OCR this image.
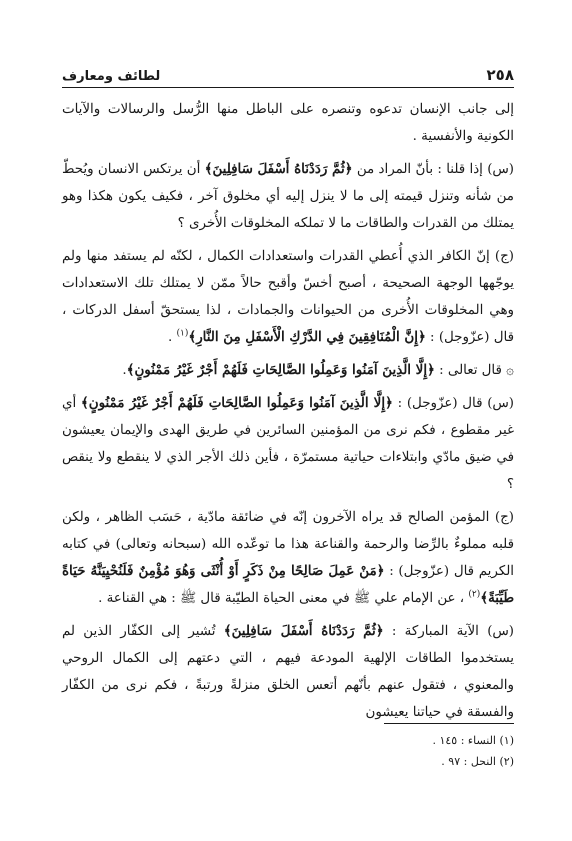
٢٥٨
لطائف ومعارف

إلى جانب الإنسان تدعوه وتنصره على الباطل منها الرُّسل والرسالات والآيات الكونية والأنفسية .

(س) إذا قلنا : بأنّ المراد من ﴿ثُمَّ رَدَدْنَاهُ أَسْفَلَ سَافِلِينَ﴾ أن يرتكس الانسان ويُحطّ من شأنه وتنزل قيمته إلى ما لا ينزل إليه أي مخلوق آخر ، فكيف يكون هكذا وهو يمتلك من القدرات والطاقات ما لا تملكه المخلوقات الأُخرى ؟

(ج) إنّ الكافر الذي أُعطي القدرات واستعدادات الكمال ، لكنّه لم يستفد منها ولم يوجّهها الوجهة الصحيحة ، أصبح أخسّ وأقبح حالاً ممّن لا يمتلك تلك الاستعدادات وهي المخلوقات الأُخرى من الحيوانات والجمادات ، لذا يستحقّ أسفل الدركات ، قال (عزّوجل) : ﴿إِنَّ الْمُنَافِقِينَ فِي الدَّرْكِ الْأَسْفَلِ مِنَ النَّارِ﴾$^{(١)}$ .

۞ قال تعالى : ﴿إِلَّا الَّذِينَ آمَنُوا وَعَمِلُوا الصَّالِحَاتِ فَلَهُمْ أَجْرٌ غَيْرُ مَمْنُونٍ﴾.

(س) قال (عزّوجل) : ﴿إِلَّا الَّذِينَ آمَنُوا وَعَمِلُوا الصَّالِحَاتِ فَلَهُمْ أَجْرٌ غَيْرُ مَمْنُونٍ﴾ أي غير مقطوع ، فكم نرى من المؤمنين السائرين في طريق الهدى والإيمان يعيشون في ضيق مادّي وابتلاءات حياتية مستمرّة ، فأين ذلك الأجر الذي لا ينقطع ولا ينقص ؟

(ج) المؤمن الصالح قد يراه الآخرون إنّه في ضائقة مادّية ، حَسَب الظاهر ، ولكن قلبه مملوءٌ بالرِّضا والرحمة والقناعة هذا ما توعّده الله (سبحانه وتعالى) في كتابه الكريم قال (عزّوجل) : ﴿مَنْ عَمِلَ صَالِحًا مِنْ ذَكَرٍ أَوْ أُنْثَى وَهُوَ مُؤْمِنٌ فَلَنُحْيِيَنَّهُ حَيَاةً طَيِّبَةً﴾$^{(٢)}$ ، عن الإمام علي ﷺ في معنى الحياة الطيّبة قال ﷺ : هي القناعة .

(س) الآية المباركة : ﴿ثُمَّ رَدَدْنَاهُ أَسْفَلَ سَافِلِينَ﴾ تُشير إلى الكفّار الذين لم يستخدموا الطاقات الإلهية المودعة فيهم ، التي دعتهم إلى الكمال الروحي والمعنوي ، فتقول عنهم بأنّهم أتعس الخلق منزلةً ورتبةً ، فكم نرى من الكفّار والفسقة في حياتنا يعيشون

(١) النساء : ١٤٥ .
(٢) النحل : ٩٧ .
